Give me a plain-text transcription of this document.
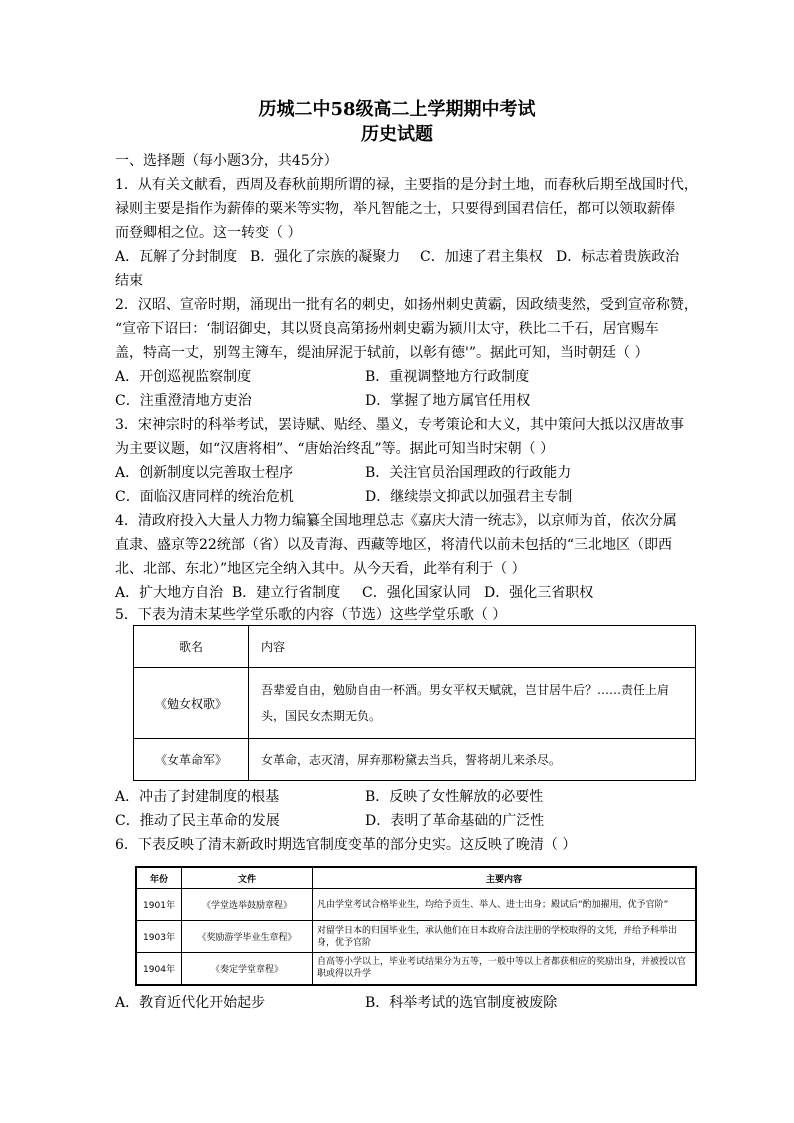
历城二中58级高二上学期期中考试
历史试题
一、选择题（每小题3分，共45分）
1．从有关文献看，西周及春秋前期所谓的禄，主要指的是分封土地，而春秋后期至战国时代，
禄则主要是指作为薪俸的粟米等实物，举凡智能之士，只要得到国君信任，都可以领取薪俸
而登卿相之位。这一转变（ ）
A．瓦解了分封制度 B．强化了宗族的凝聚力 C．加速了君主集权 D．标志着贵族政治
结束
2．汉昭、宣帝时期，涌现出一批有名的刺史，如扬州刺史黄霸，因政绩斐然，受到宣帝称赞，
“宣帝下诏曰：‘制诏御史，其以贤良高第扬州刺史霸为颍川太守，秩比二千石，居官赐车
盖，特高一丈，别驾主簿车，缇油屏泥于轼前，以彰有德'”。据此可知，当时朝廷（ ）
A．开创巡视监察制度	B．重视调整地方行政制度
C．注重澄清地方吏治	D．掌握了地方属官任用权
3．宋神宗时的科举考试，罢诗赋、贴经、墨义，专考策论和大义，其中策问大抵以汉唐故事
为主要议题，如“汉唐将相”、“唐始治终乱”等。据此可知当时宋朝（ ）
A．创新制度以完善取士程序	B．关注官员治国理政的行政能力
C．面临汉唐同样的统治危机	D．继续崇文抑武以加强君主专制
4．清政府投入大量人力物力编纂全国地理总志《嘉庆大清一统志》，以京师为首，依次分属
直隶、盛京等22统部（省）以及青海、西藏等地区，将清代以前未包括的“三北地区（即西
北、北部、东北）”地区完全纳入其中。从今天看，此举有利于（ ）
A．扩大地方自治 B．建立行省制度 C．强化国家认同 D．强化三省职权
5．下表为清末某些学堂乐歌的内容（节选）这些学堂乐歌（ ）
歌名	内容
《勉女权歌》	吾辈爱自由，勉励自由一杯酒。男女平权天赋就，岂甘居牛后？……责任上肩头，国民女杰期无负。
《女革命军》	女革命，志灭清，屏弃那粉黛去当兵，誓将胡儿来杀尽。
A．冲击了封建制度的根基	B．反映了女性解放的必要性
C．推动了民主革命的发展	D．表明了革命基础的广泛性
6．下表反映了清末新政时期选官制度变革的部分史实。这反映了晚清（ ）
年份	文件	主要内容
1901年	《学堂选举鼓励章程》	凡由学堂考试合格毕业生，均给予贡生、举人、进士出身；殿试后“酌加擢用，优予官阶”
1903年	《奖励游学毕业生章程》	对留学日本的归国毕业生，承认他们在日本政府合法注册的学校取得的文凭，并给予科举出身，优予官阶
1904年	《奏定学堂章程》	自高等小学以上，毕业考试结果分为五等，一般中等以上者都获相应的奖励出身，并被授以官职或得以升学
A．教育近代化开始起步	B．科举考试的选官制度被废除
